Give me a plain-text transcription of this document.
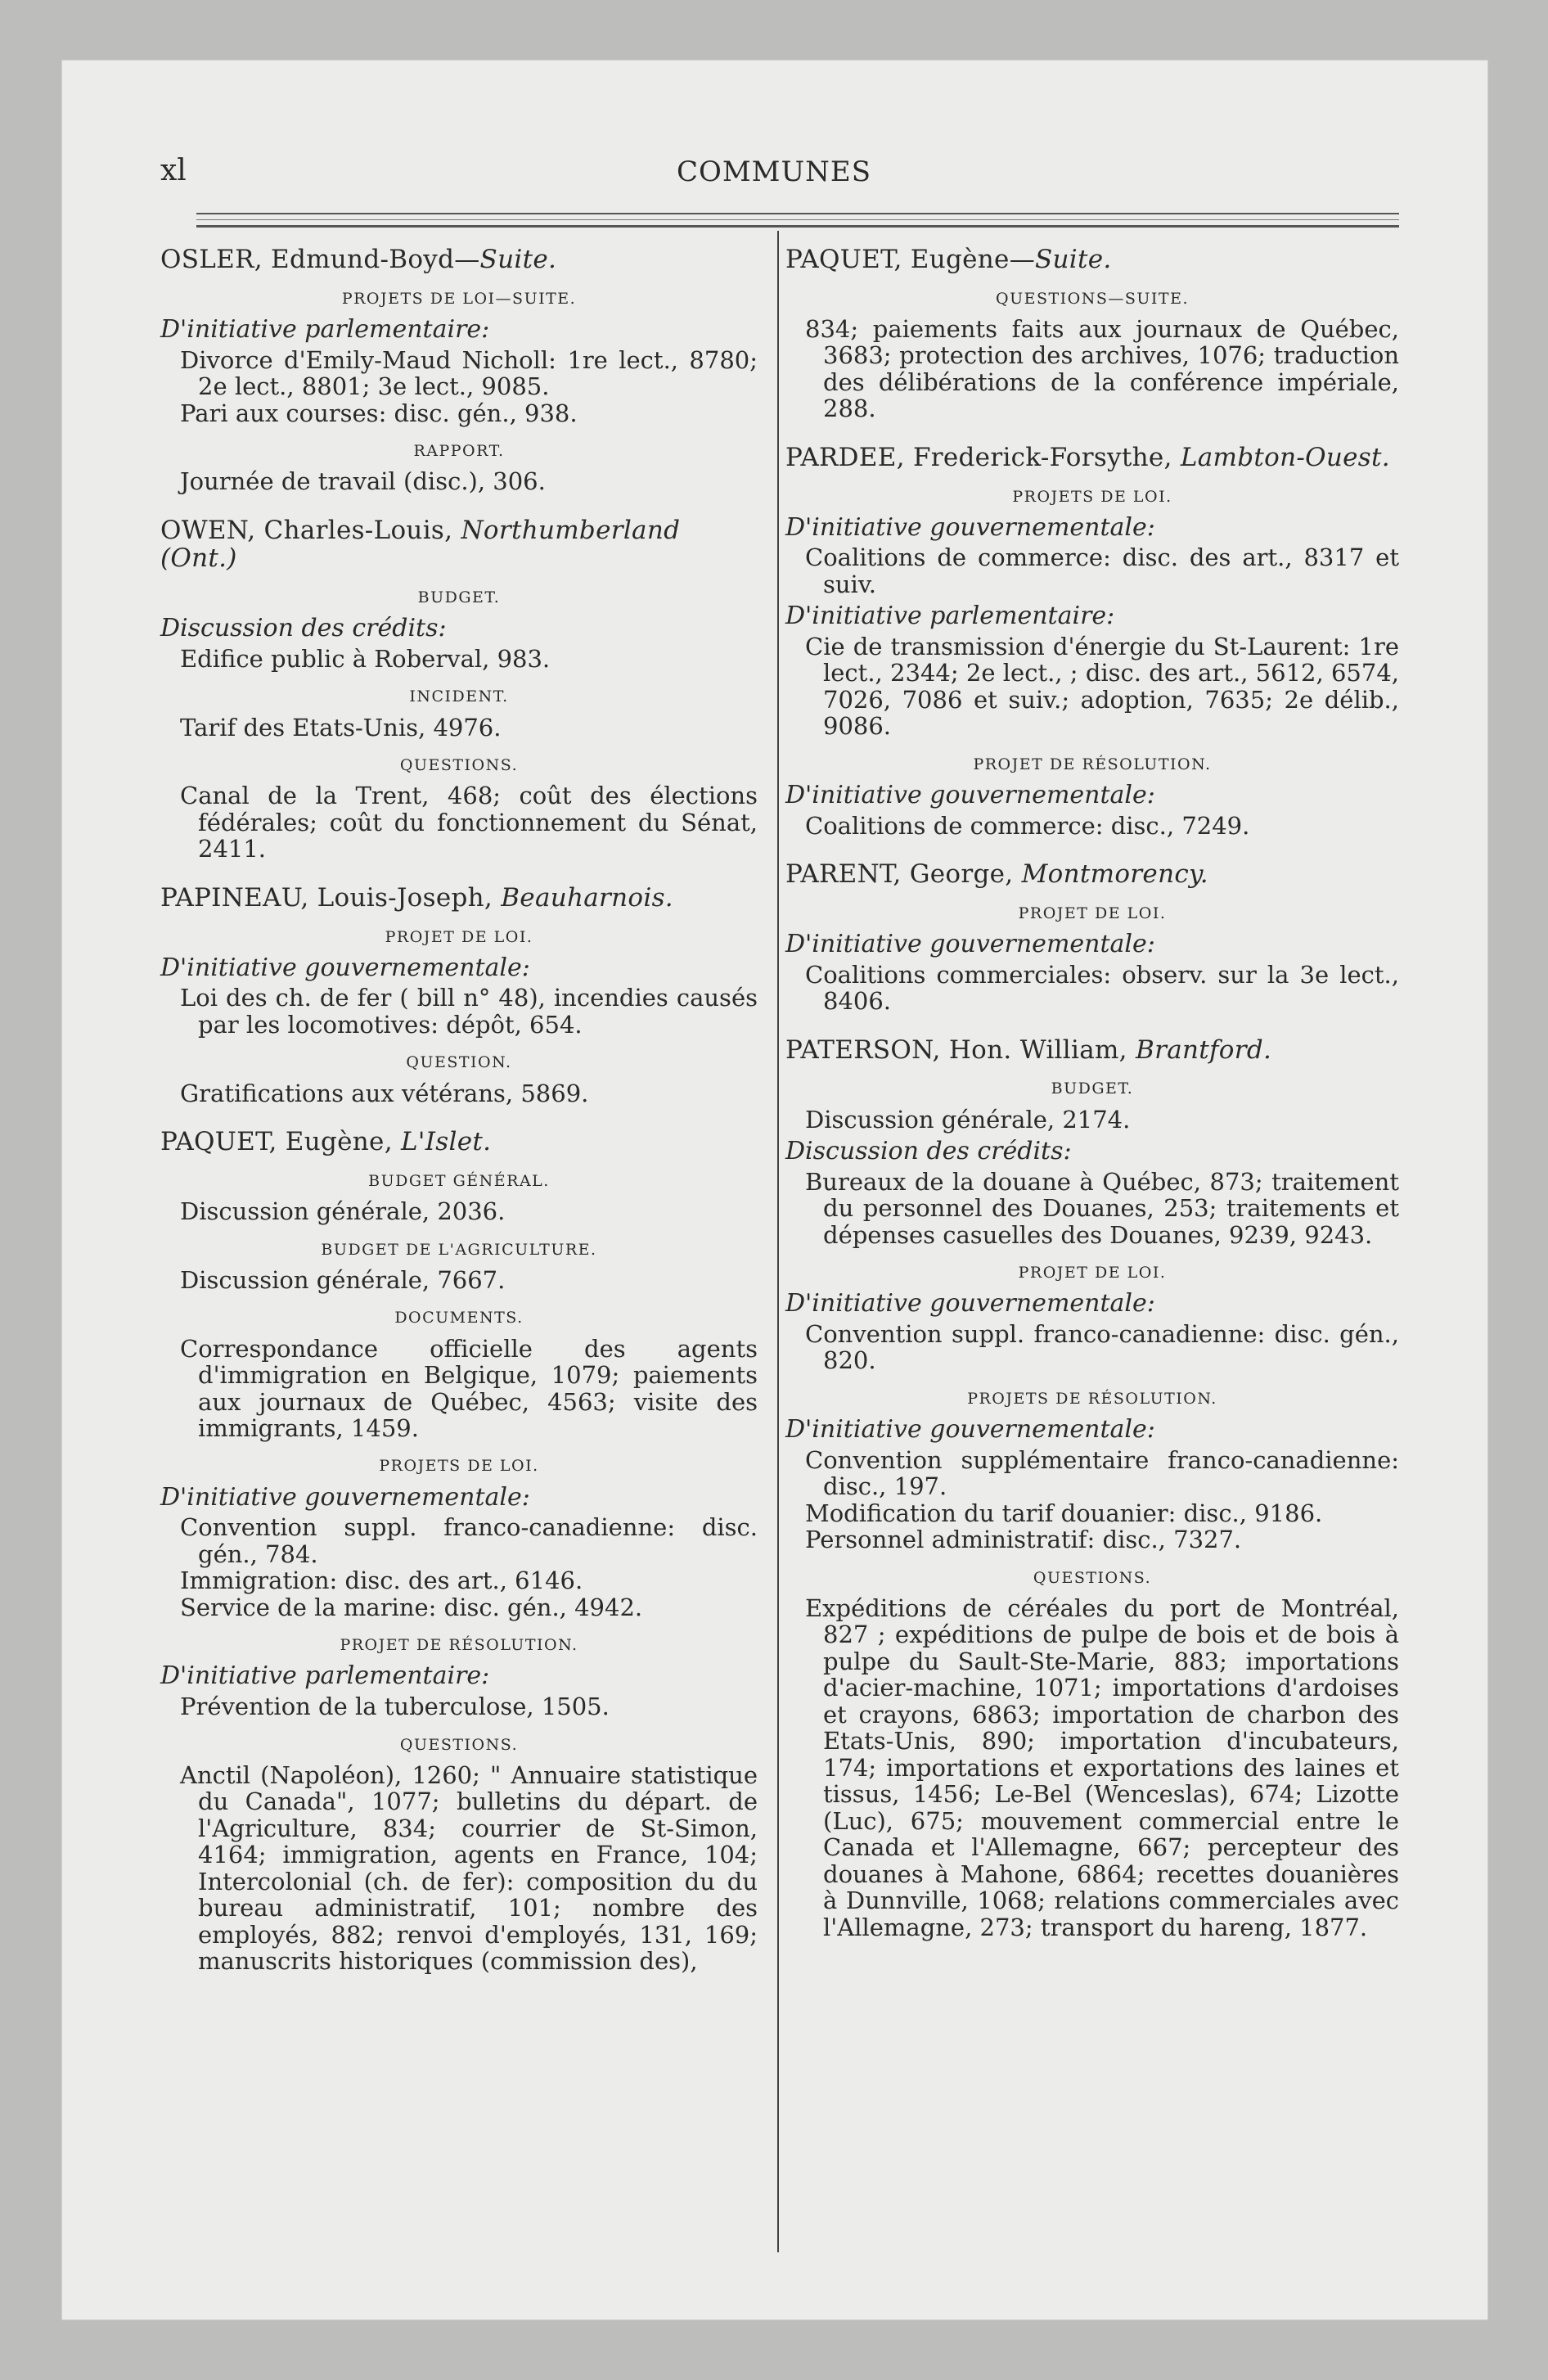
xl	COMMUNES
OSLER, Edmund-Boyd—Suite.
PROJETS DE LOI—SUITE.
D'initiative parlementaire:
Divorce d'Emily-Maud Nicholl: 1re lect., 8780; 2e lect., 8801; 3e lect., 9085.
Pari aux courses: disc. gén., 938.
RAPPORT.
Journée de travail (disc.), 306.
OWEN, Charles-Louis, Northumberland (Ont.)
BUDGET.
Discussion des crédits:
Edifice public à Roberval, 983.
INCIDENT.
Tarif des Etats-Unis, 4976.
QUESTIONS.
Canal de la Trent, 468; coût des élections fédérales; coût du fonctionnement du Sénat, 2411.
PAPINEAU, Louis-Joseph, Beauharnois.
PROJET DE LOI.
D'initiative gouvernementale:
Loi des ch. de fer ( bill n° 48), incendies causés par les locomotives: dépôt, 654.
QUESTION.
Gratifications aux vétérans, 5869.
PAQUET, Eugène, L'Islet.
BUDGET GÉNÉRAL.
Discussion générale, 2036.
BUDGET DE L'AGRICULTURE.
Discussion générale, 7667.
DOCUMENTS.
Correspondance officielle des agents d'immigration en Belgique, 1079; paiements aux journaux de Québec, 4563; visite des immigrants, 1459.
PROJETS DE LOI.
D'initiative gouvernementale:
Convention suppl. franco-canadienne: disc. gén., 784.
Immigration: disc. des art., 6146.
Service de la marine: disc. gén., 4942.
PROJET DE RÉSOLUTION.
D'initiative parlementaire:
Prévention de la tuberculose, 1505.
QUESTIONS.
Anctil (Napoléon), 1260; " Annuaire statistique du Canada", 1077; bulletins du départ. de l'Agriculture, 834; courrier de St-Simon, 4164; immigration, agents en France, 104; Intercolonial (ch. de fer): composition du du bureau administratif, 101; nombre des employés, 882; renvoi d'employés, 131, 169; manuscrits historiques (commission des),
PAQUET, Eugène—Suite.
QUESTIONS—SUITE.
834; paiements faits aux journaux de Québec, 3683; protection des archives, 1076; traduction des délibérations de la conférence impériale, 288.
PARDEE, Frederick-Forsythe, Lambton-Ouest.
PROJETS DE LOI.
D'initiative gouvernementale:
Coalitions de commerce: disc. des art., 8317 et suiv.
D'initiative parlementaire:
Cie de transmission d'énergie du St-Laurent: 1re lect., 2344; 2e lect., ; disc. des art., 5612, 6574, 7026, 7086 et suiv.; adoption, 7635; 2e délib., 9086.
PROJET DE RÉSOLUTION.
D'initiative gouvernementale:
Coalitions de commerce: disc., 7249.
PARENT, George, Montmorency.
PROJET DE LOI.
D'initiative gouvernementale:
Coalitions commerciales: observ. sur la 3e lect., 8406.
PATERSON, Hon. William, Brantford.
BUDGET.
Discussion générale, 2174.
Discussion des crédits:
Bureaux de la douane à Québec, 873; traitement du personnel des Douanes, 253; traitements et dépenses casuelles des Douanes, 9239, 9243.
PROJET DE LOI.
D'initiative gouvernementale:
Convention suppl. franco-canadienne: disc. gén., 820.
PROJETS DE RÉSOLUTION.
D'initiative gouvernementale:
Convention supplémentaire franco-canadienne: disc., 197.
Modification du tarif douanier: disc., 9186.
Personnel administratif: disc., 7327.
QUESTIONS.
Expéditions de céréales du port de Montréal, 827 ; expéditions de pulpe de bois et de bois à pulpe du Sault-Ste-Marie, 883; importations d'acier-machine, 1071; importations d'ardoises et crayons, 6863; importation de charbon des Etats-Unis, 890; importation d'incubateurs, 174; importations et exportations des laines et tissus, 1456; Le-Bel (Wenceslas), 674; Lizotte (Luc), 675; mouvement commercial entre le Canada et l'Allemagne, 667; percepteur des douanes à Mahone, 6864; recettes douanières à Dunnville, 1068; relations commerciales avec l'Allemagne, 273; transport du hareng, 1877.
